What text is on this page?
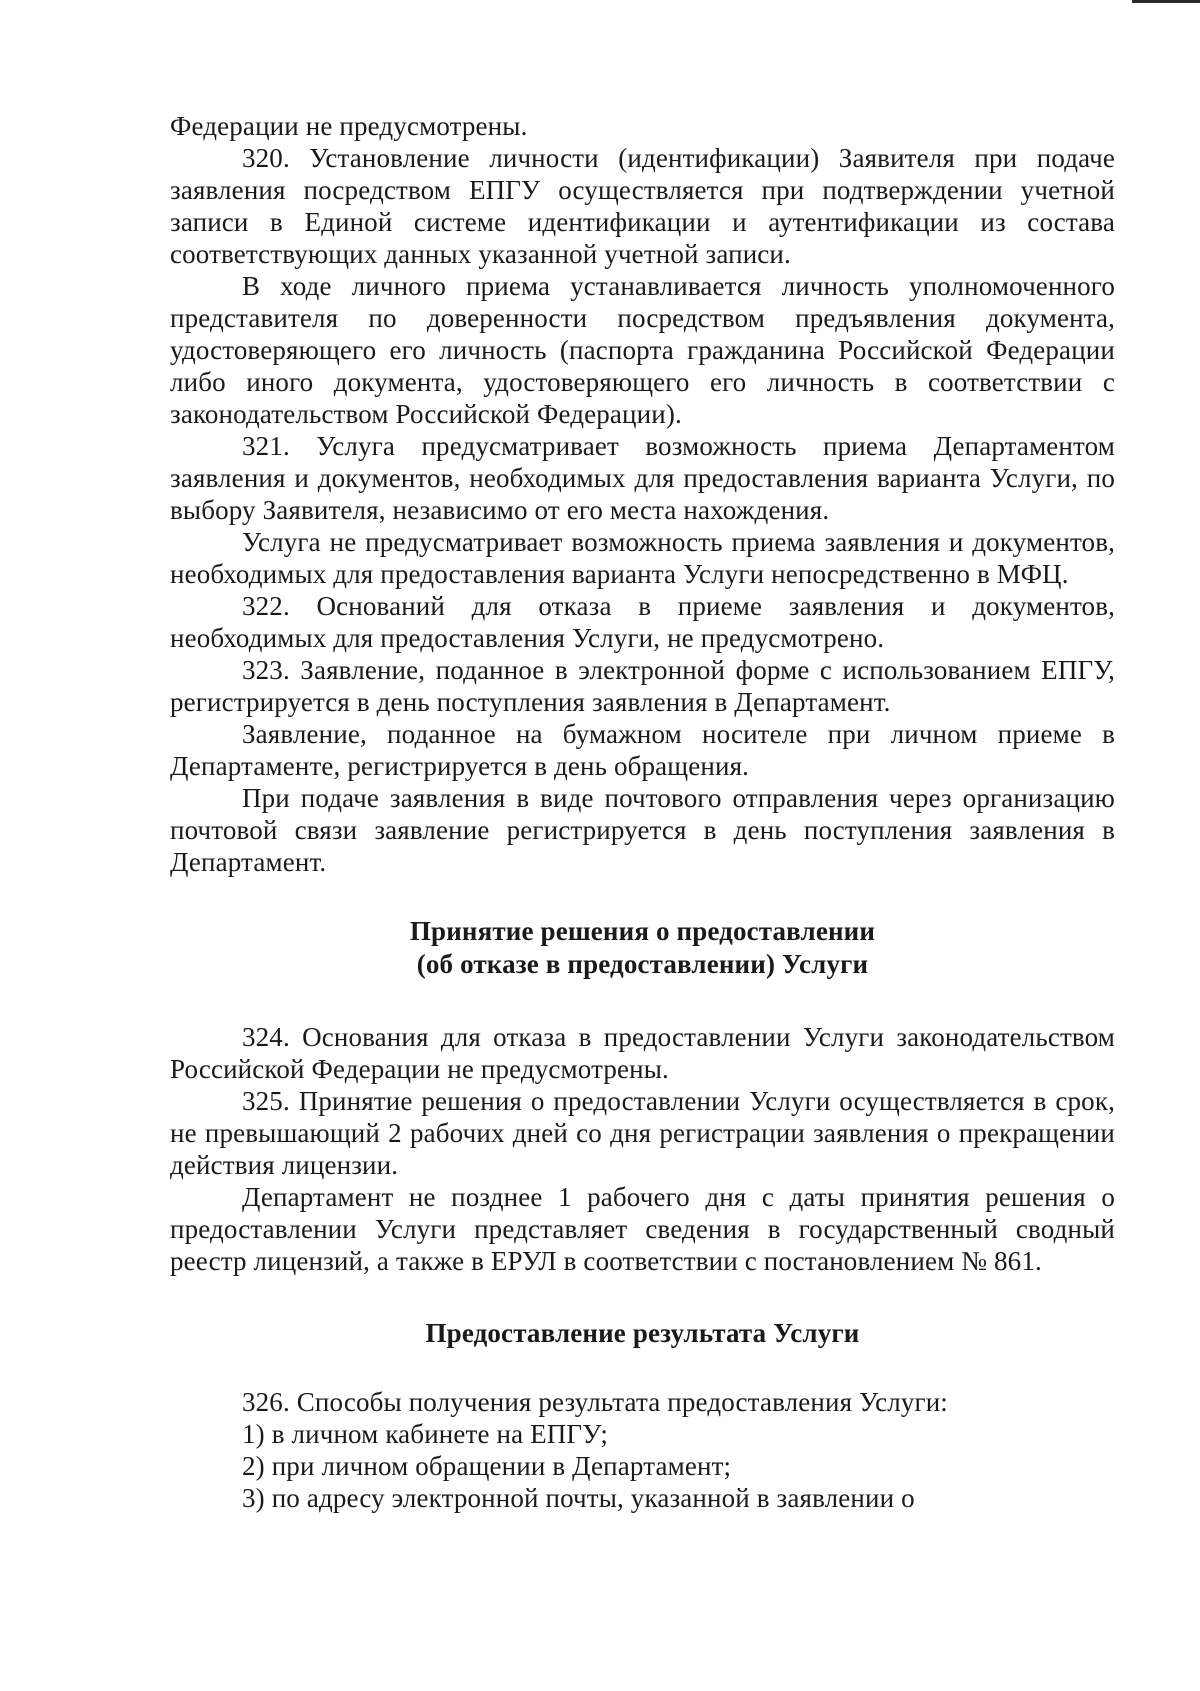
Федерации не предусмотрены.

320. Установление личности (идентификации) Заявителя при подаче заявления посредством ЕПГУ осуществляется при подтверждении учетной записи в Единой системе идентификации и аутентификации из состава соответствующих данных указанной учетной записи.

В ходе личного приема устанавливается личность уполномоченного представителя по доверенности посредством предъявления документа, удостоверяющего его личность (паспорта гражданина Российской Федерации либо иного документа, удостоверяющего его личность в соответствии с законодательством Российской Федерации).

321. Услуга предусматривает возможность приема Департаментом заявления и документов, необходимых для предоставления варианта Услуги, по выбору Заявителя, независимо от его места нахождения.

Услуга не предусматривает возможность приема заявления и документов, необходимых для предоставления варианта Услуги непосредственно в МФЦ.

322. Оснований для отказа в приеме заявления и документов, необходимых для предоставления Услуги, не предусмотрено.

323. Заявление, поданное в электронной форме с использованием ЕПГУ, регистрируется в день поступления заявления в Департамент.

Заявление, поданное на бумажном носителе при личном приеме в Департаменте, регистрируется в день обращения.

При подаче заявления в виде почтового отправления через организацию почтовой связи заявление регистрируется в день поступления заявления в Департамент.

Принятие решения о предоставлении

(об отказе в предоставлении) Услуги

324. Основания для отказа в предоставлении Услуги законодательством Российской Федерации не предусмотрены.

325. Принятие решения о предоставлении Услуги осуществляется в срок, не превышающий 2 рабочих дней со дня регистрации заявления о прекращении действия лицензии.

Департамент не позднее 1 рабочего дня с даты принятия решения о предоставлении Услуги представляет сведения в государственный сводный реестр лицензий, а также в ЕРУЛ в соответствии с постановлением № 861.

Предоставление результата Услуги

326. Способы получения результата предоставления Услуги:

1) в личном кабинете на ЕПГУ;

2) при личном обращении в Департамент;

3) по адресу электронной почты, указанной в заявлении о
